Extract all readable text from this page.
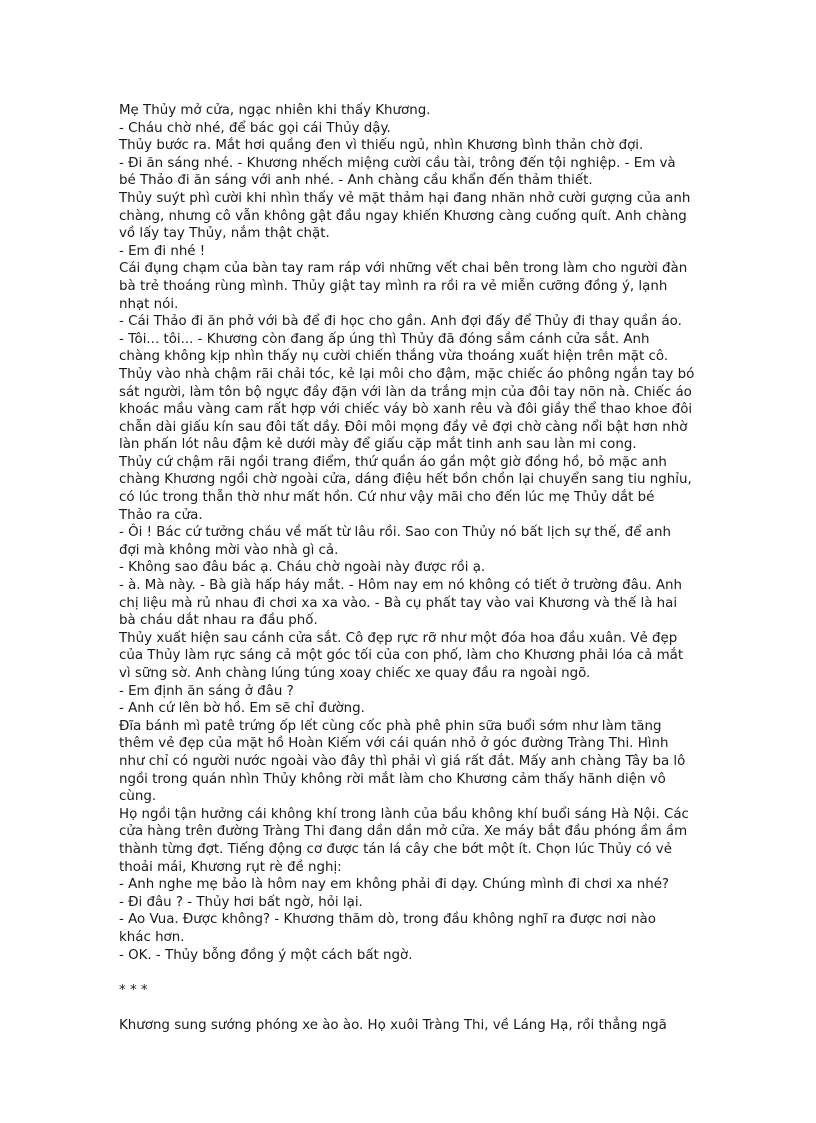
Mẹ Thủy mở cửa, ngạc nhiên khi thấy Khương.
- Cháu chờ nhé, để bác gọi cái Thủy dậy.
Thủy bước ra. Mắt hơi quầng đen vì thiếu ngủ, nhìn Khương bình thản chờ đợi.
- Đi ăn sáng nhé. - Khương nhếch miệng cười cầu tài, trông đến tội nghiệp. - Em và
bé Thảo đi ăn sáng với anh nhé. - Anh chàng cầu khẩn đến thảm thiết.
Thủy suýt phì cười khi nhìn thấy vẻ mặt thảm hại đang nhăn nhở cười gượng của anh
chàng, nhưng cô vẫn không gật đầu ngay khiến Khương càng cuống quít. Anh chàng
vồ lấy tay Thủy, nắm thật chặt.
- Em đi nhé !
Cái đụng chạm của bàn tay ram ráp với những vết chai bên trong làm cho người đàn
bà trẻ thoáng rùng mình. Thủy giật tay mình ra rồi ra vẻ miễn cưỡng đồng ý, lạnh
nhạt nói.
- Cái Thảo đi ăn phở với bà để đi học cho gần. Anh đợi đấy để Thủy đi thay quần áo.
- Tôi... tôi... - Khương còn đang ấp úng thì Thủy đã đóng sầm cánh cửa sắt. Anh
chàng không kịp nhìn thấy nụ cười chiến thắng vừa thoáng xuất hiện trên mặt cô.
Thủy vào nhà chậm rãi chải tóc, kẻ lại môi cho đậm, mặc chiếc áo phông ngắn tay bó
sát người, làm tôn bộ ngực đầy đặn với làn da trắng mịn của đôi tay nõn nà. Chiếc áo
khoác mầu vàng cam rất hợp với chiếc váy bò xanh rêu và đôi giầy thể thao khoe đôi
chẫn dài giấu kín sau đôi tất dầy. Đôi môi mọng đầy vẻ đợi chờ càng nổi bật hơn nhờ
làn phấn lót nâu đậm kẻ dưới mày để giấu cặp mắt tinh anh sau làn mi cong.
Thủy cứ chậm rãi ngồi trang điểm, thứ quần áo gần một giờ đồng hồ, bỏ mặc anh
chàng Khương ngồi chờ ngoài cửa, dáng điệu hết bồn chồn lại chuyển sang tiu nghỉu,
có lúc trong thẫn thờ như mất hồn. Cứ như vậy mãi cho đến lúc mẹ Thủy dắt bé
Thảo ra cửa.
- Ôi ! Bác cứ tưởng cháu về mất từ lâu rồi. Sao con Thủy nó bất lịch sự thế, để anh
đợi mà không mời vào nhà gì cả.
- Không sao đâu bác ạ. Cháu chờ ngoài này được rồi ạ.
- à. Mà này. - Bà già hấp háy mắt. - Hôm nay em nó không có tiết ở trường đâu. Anh
chị liệu mà rủ nhau đi chơi xa xa vào. - Bà cụ phất tay vào vai Khương và thế là hai
bà cháu dắt nhau ra đầu phố.
Thủy xuất hiện sau cánh cửa sắt. Cô đẹp rực rỡ như một đóa hoa đầu xuân. Vẻ đẹp
của Thủy làm rực sáng cả một góc tối của con phố, làm cho Khương phải lóa cả mắt
vì sững sờ. Anh chàng lúng túng xoay chiếc xe quay đầu ra ngoài ngõ.
- Em định ăn sáng ở đâu ?
- Anh cứ lên bờ hồ. Em sẽ chỉ đường.
Đĩa bánh mì patê trứng ốp lết cùng cốc phà phê phin sữa buổi sớm như làm tăng
thêm vẻ đẹp của mặt hồ Hoàn Kiếm với cái quán nhỏ ở góc đường Tràng Thi. Hình
như chỉ có người nước ngoài vào đây thì phải vì giá rất đắt. Mấy anh chàng Tây ba lô
ngồi trong quán nhìn Thủy không rời mắt làm cho Khương cảm thấy hãnh diện vô
cùng.
Họ ngồi tận hưởng cái không khí trong lành của bầu không khí buổi sáng Hà Nội. Các
cửa hàng trên đường Tràng Thi đang dần dần mở cửa. Xe máy bắt đầu phóng ầm ầm
thành từng đợt. Tiếng động cơ được tán lá cây che bớt một ít. Chọn lúc Thủy có vẻ
thoải mái, Khương rụt rè đề nghị:
- Anh nghe mẹ bảo là hôm nay em không phải đi dạy. Chúng mình đi chơi xa nhé?
- Đi đâu ? - Thủy hơi bất ngờ, hỏi lại.
- Ao Vua. Được không? - Khương thăm dò, trong đầu không nghĩ ra được nơi nào
khác hơn.
- OK. - Thủy bỗng đồng ý một cách bất ngờ.
* * *
Khương sung sướng phóng xe ào ào. Họ xuôi Tràng Thi, về Láng Hạ, rồi thẳng ngã
